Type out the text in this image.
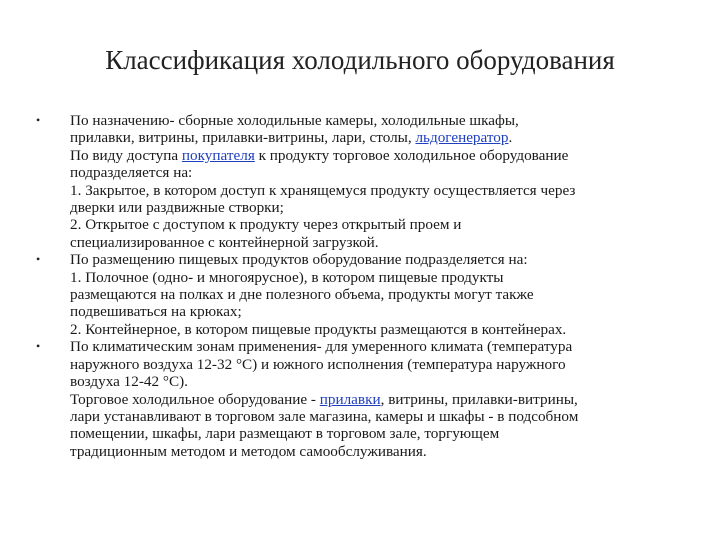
Классификация холодильного оборудования
•	По назначению- сборные холодильные камеры, холодильные шкафы,
прилавки, витрины, прилавки-витрины, лари, столы, льдогенератор.
По виду доступа покупателя к продукту торговое холодильное оборудование
подразделяется на:
1. Закрытое, в котором доступ к хранящемуся продукту осуществляется через
дверки или раздвижные створки;
2. Открытое с доступом к продукту через открытый проем и
специализированное с контейнерной загрузкой.
•	По размещению пищевых продуктов оборудование подразделяется на:
1. Полочное (одно- и многоярусное), в котором пищевые продукты
размещаются на полках и дне полезного объема, продукты могут также
подвешиваться на крюках;
2. Контейнерное, в котором пищевые продукты размещаются в контейнерах.
•	По климатическим зонам применения- для умеренного климата (температура
наружного воздуха 12-32 °С) и южного исполнения (температура наружного
воздуха 12-42 °С).
Торговое холодильное оборудование - прилавки, витрины, прилавки-витрины,
лари устанавливают в торговом зале магазина, камеры и шкафы - в подсобном
помещении, шкафы, лари размещают в торговом зале, торгующем
традиционным методом и методом самообслуживания.
